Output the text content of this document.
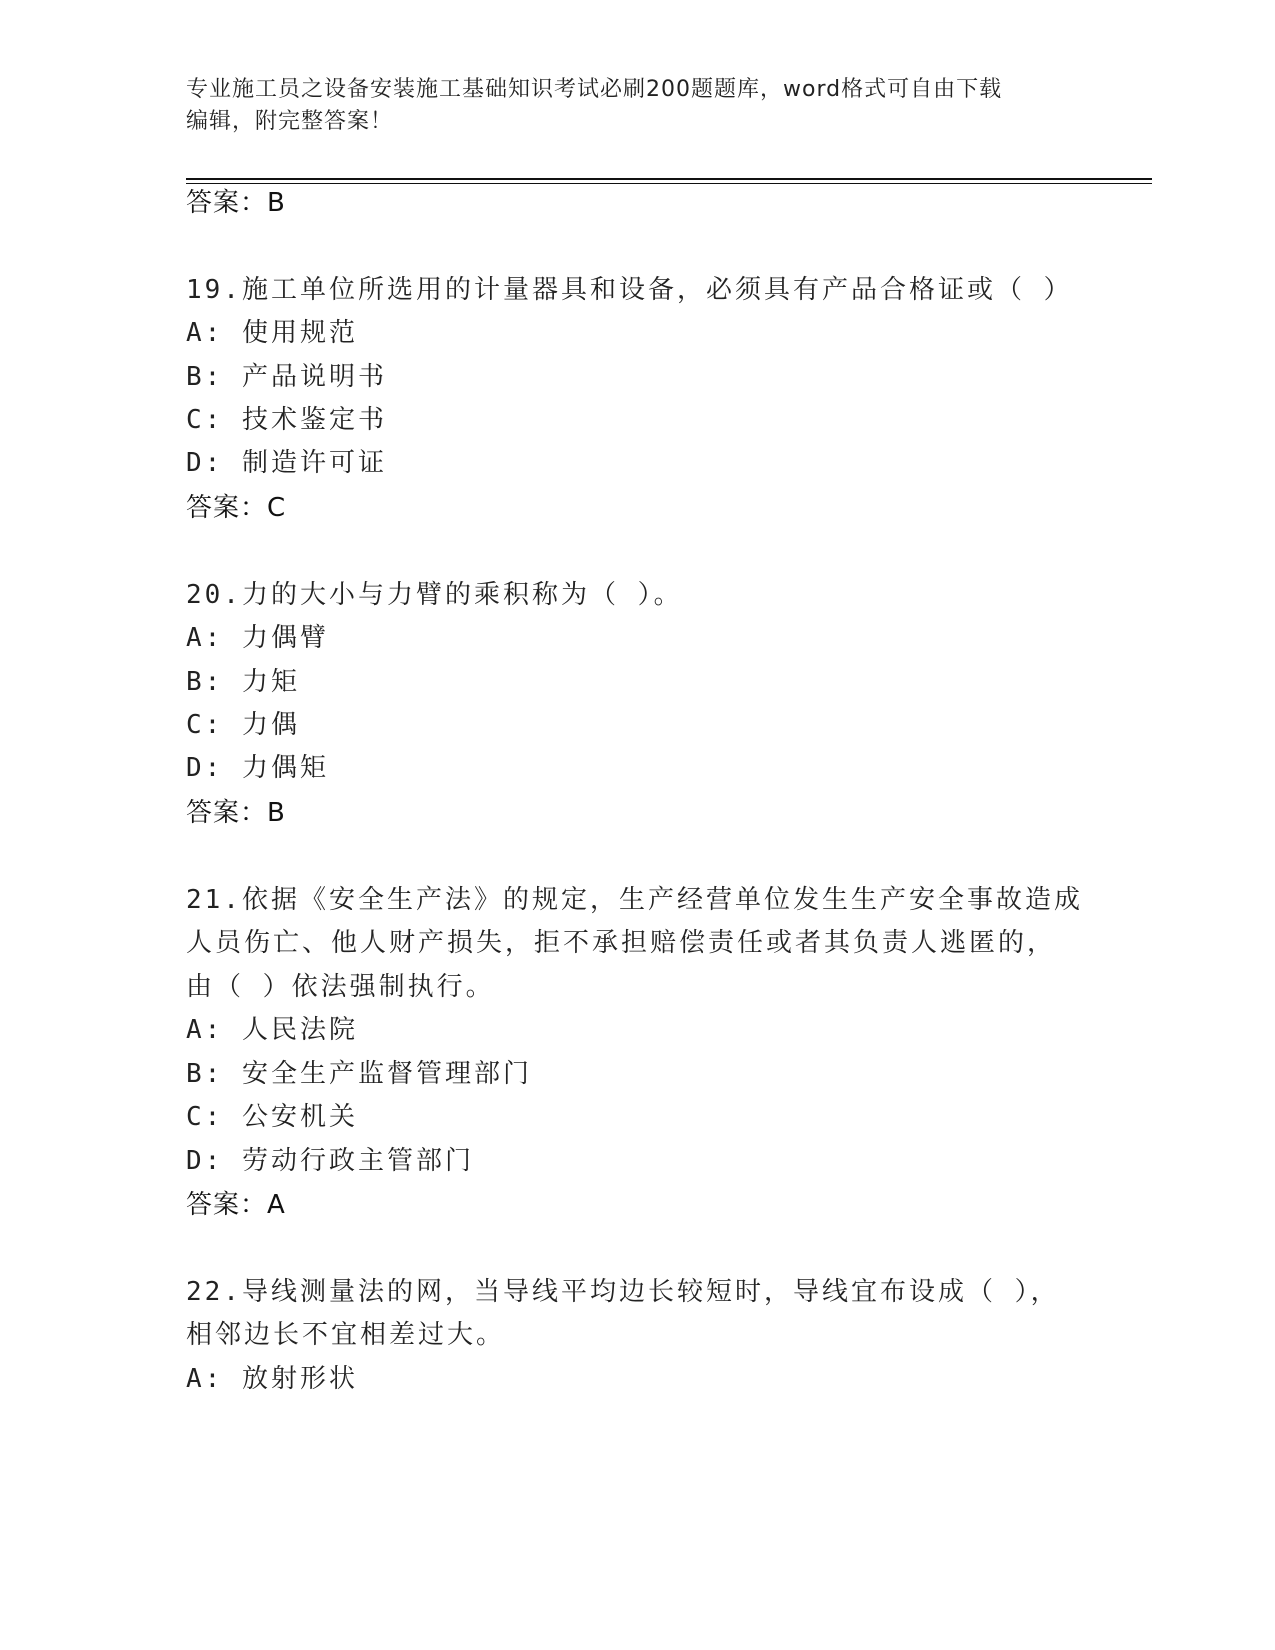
专业施工员之设备安装施工基础知识考试必刷200题题库，word格式可自由下载
编辑，附完整答案！
答案：B
19.施工单位所选用的计量器具和设备，必须具有产品合格证或（ ）
A: 使用规范
B: 产品说明书
C: 技术鉴定书
D: 制造许可证
答案：C
20.力的大小与力臂的乘积称为（ ）。
A: 力偶臂
B: 力矩
C: 力偶
D: 力偶矩
答案：B
21.依据《安全生产法》的规定，生产经营单位发生生产安全事故造成
人员伤亡、他人财产损失，拒不承担赔偿责任或者其负责人逃匿的，
由（ ）依法强制执行。
A: 人民法院
B: 安全生产监督管理部门
C: 公安机关
D: 劳动行政主管部门
答案：A
22.导线测量法的网，当导线平均边长较短时，导线宜布设成（ ），
相邻边长不宜相差过大。
A: 放射形状
